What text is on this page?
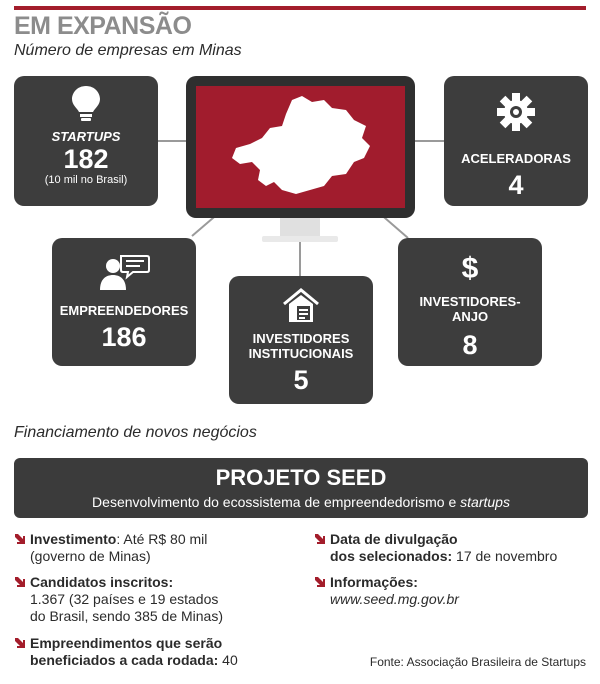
EM EXPANSÃO
Número de empresas em Minas
STARTUPS
182
(10 mil no Brasil)
ACELERADORAS
4
EMPREENDEDORES
186	INVESTIDORES
INSTITUCIONAIS
5
$
INVESTIDORES-
ANJO
8
Financiamento de novos negócios
PROJETO SEED
Desenvolvimento do ecossistema de empreendedorismo e startups
Investimento: Até R$ 80 mil
(governo de Minas)
Candidatos inscritos:
1.367 (32 países e 19 estados
do Brasil, sendo 385 de Minas)
Empreendimentos que serão
beneficiados a cada rodada: 40
Data de divulgação
dos selecionados: 17 de novembro
Informações:
www.seed.mg.gov.br
Fonte: Associação Brasileira de Startups
